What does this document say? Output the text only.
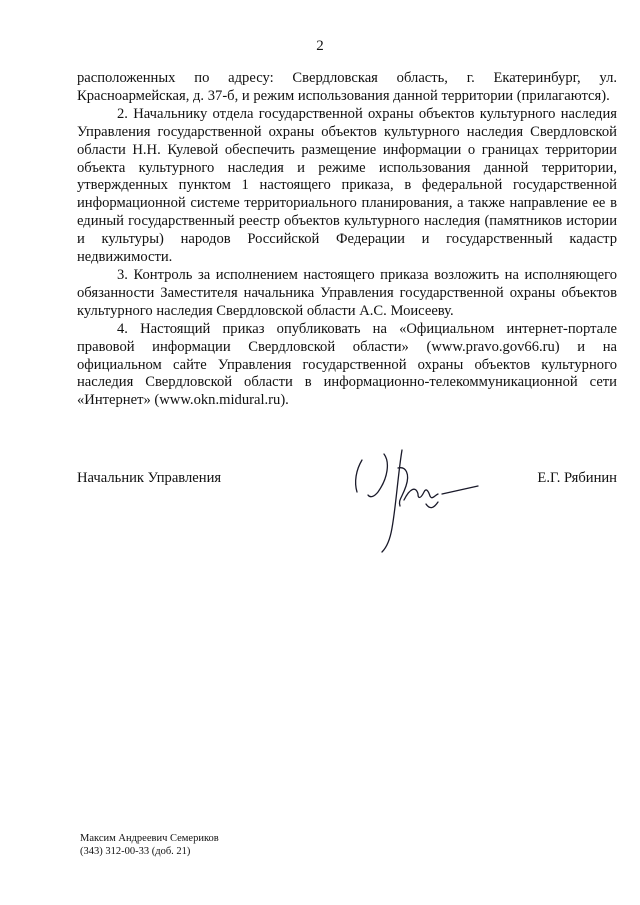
2

расположенных по адресу: Свердловская область, г. Екатеринбург, ул. Красноармейская, д. 37-б, и режим использования данной территории (прилагаются).

2. Начальнику отдела государственной охраны объектов культурного наследия Управления государственной охраны объектов культурного наследия Свердловской области Н.Н. Кулевой обеспечить размещение информации о границах территории объекта культурного наследия и режиме использования данной территории, утвержденных пунктом 1 настоящего приказа, в федеральной государственной информационной системе территориального планирования, а также направление ее в единый государственный реестр объектов культурного наследия (памятников истории и культуры) народов Российской Федерации и государственный кадастр недвижимости.

3. Контроль за исполнением настоящего приказа возложить на исполняющего обязанности Заместителя начальника Управления государственной охраны объектов культурного наследия Свердловской области А.С. Моисееву.

4. Настоящий приказ опубликовать на «Официальном интернет-портале правовой информации Свердловской области» (www.pravo.gov66.ru) и на официальном сайте Управления государственной охраны объектов культурного наследия Свердловской области в информационно-телекоммуникационной сети «Интернет» (www.okn.midural.ru).

Начальник Управления	Е.Г. Рябинин
Максим Андреевич Семериков
(343) 312-00-33 (доб. 21)
